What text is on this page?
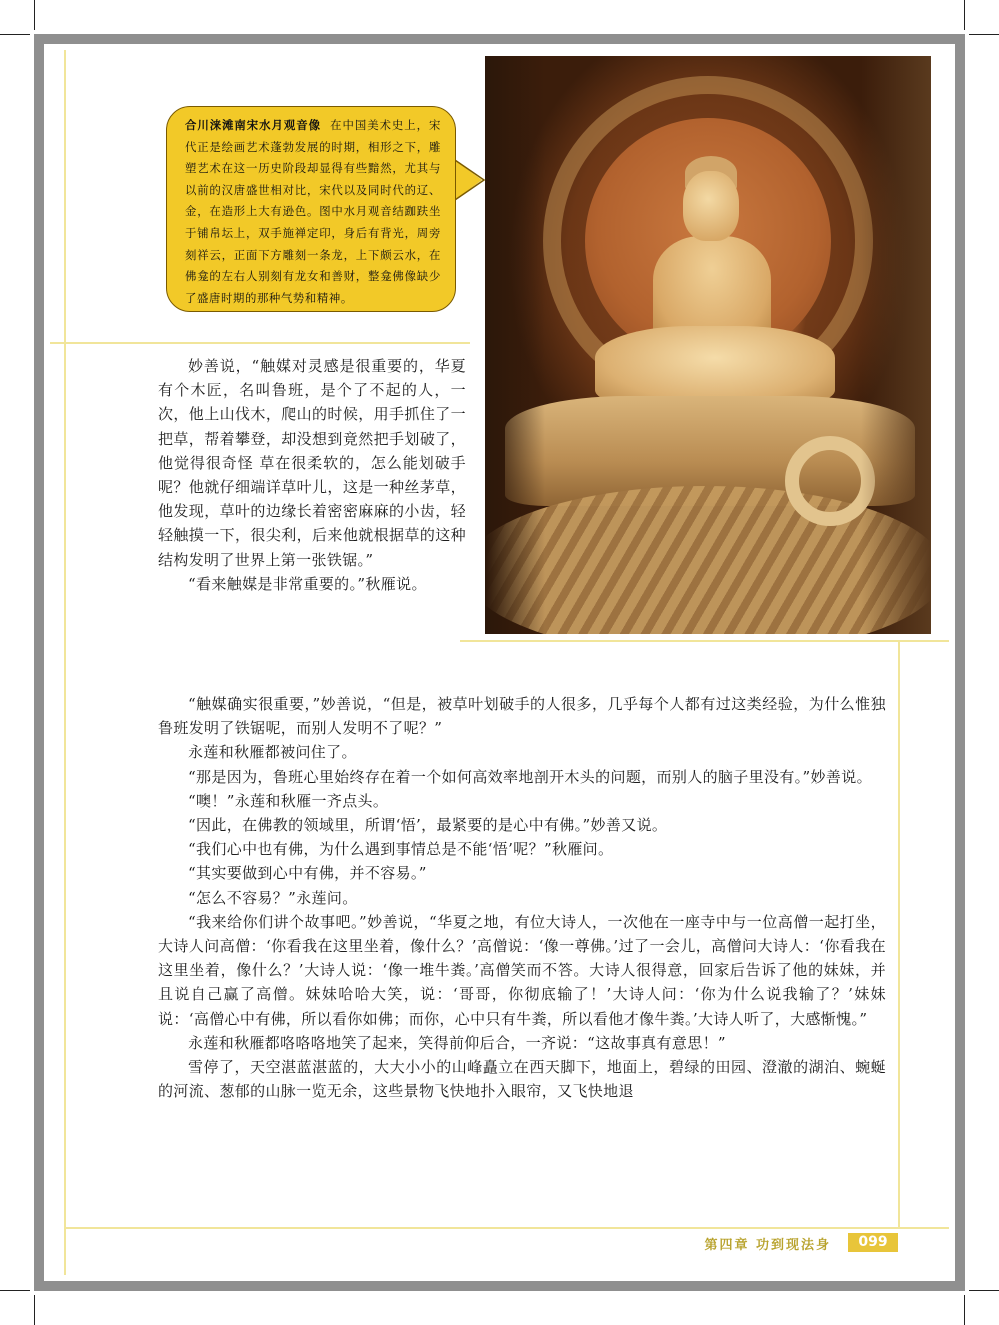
合川涞滩南宋水月观音像 在中国美术史上，宋代正是绘画艺术蓬勃发展的时期，相形之下，雕塑艺术在这一历史阶段却显得有些黯然，尤其与以前的汉唐盛世相对比，宋代以及同时代的辽、金，在造形上大有逊色。图中水月观音结跏趺坐于铺帛坛上，双手施禅定印，身后有背光，周旁刻祥云，正面下方雕刻一条龙，上下颇云水，在佛龛的左右人别刻有龙女和善财，整龛佛像缺少了盛唐时期的那种气势和精神。

妙善说，“触媒对灵感是很重要的，华夏有个木匠，名叫鲁班，是个了不起的人，一次，他上山伐木，爬山的时候，用手抓住了一把草，帮着攀登，却没想到竟然把手划破了，他觉得很奇怪 草在很柔软的，怎么能划破手呢？他就仔细端详草叶儿，这是一种丝茅草，他发现，草叶的边缘长着密密麻麻的小齿，轻轻触摸一下，很尖利，后来他就根据草的这种结构发明了世界上第一张铁锯。”

“看来触媒是非常重要的。”秋雁说。

“触媒确实很重要，”妙善说，“但是，被草叶划破手的人很多，几乎每个人都有过这类经验，为什么惟独鲁班发明了铁锯呢，而别人发明不了呢？”

永莲和秋雁都被问住了。

“那是因为，鲁班心里始终存在着一个如何高效率地剖开木头的问题，而别人的脑子里没有。”妙善说。

“噢！”永莲和秋雁一齐点头。

“因此，在佛教的领域里，所谓‘悟’，最紧要的是心中有佛。”妙善又说。

“我们心中也有佛，为什么遇到事情总是不能‘悟’呢？”秋雁问。

“其实要做到心中有佛，并不容易。”

“怎么不容易？”永莲问。

“我来给你们讲个故事吧。”妙善说，“华夏之地，有位大诗人，一次他在一座寺中与一位高僧一起打坐，大诗人问高僧：‘你看我在这里坐着，像什么？’高僧说：‘像一尊佛。’过了一会儿，高僧问大诗人：‘你看我在这里坐着，像什么？’大诗人说：‘像一堆牛粪。’高僧笑而不答。大诗人很得意，回家后告诉了他的妹妹，并且说自己赢了高僧。妹妹哈哈大笑，说：‘哥哥，你彻底输了！’大诗人问：‘你为什么说我输了？’妹妹说：‘高僧心中有佛，所以看你如佛；而你，心中只有牛粪，所以看他才像牛粪。’大诗人听了，大感惭愧。”

永莲和秋雁都咯咯咯地笑了起来，笑得前仰后合，一齐说：“这故事真有意思！”

雪停了，天空湛蓝湛蓝的，大大小小的山峰矗立在西天脚下，地面上，碧绿的田园、澄澈的湖泊、蜿蜒的河流、葱郁的山脉一览无余，这些景物飞快地扑入眼帘，又飞快地退

第四章 功到现法身	099
